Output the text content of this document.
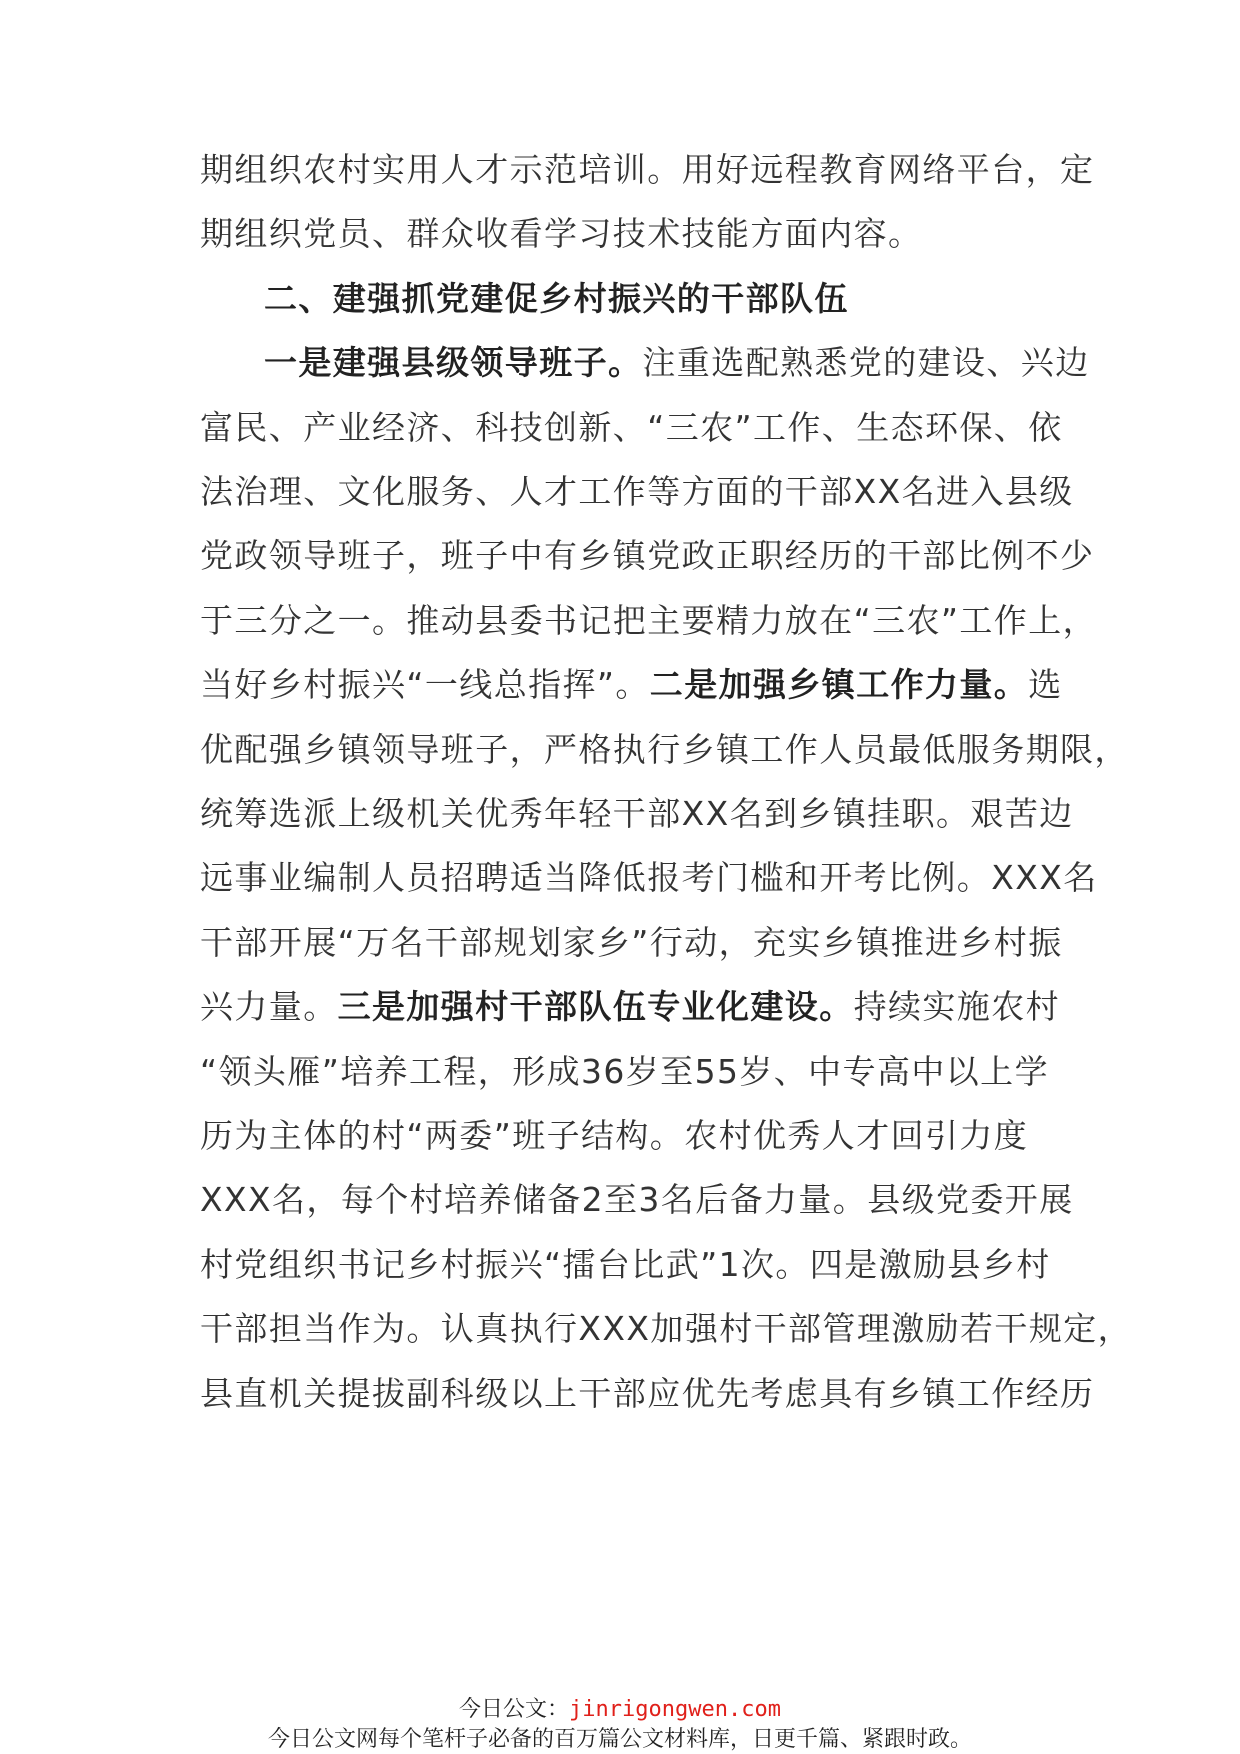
期组织农村实用人才示范培训。用好远程教育网络平台，定
期组织党员、群众收看学习技术技能方面内容。
二、建强抓党建促乡村振兴的干部队伍
一是建强县级领导班子。注重选配熟悉党的建设、兴边
富民、产业经济、科技创新、“三农”工作、生态环保、依
法治理、文化服务、人才工作等方面的干部XX名进入县级
党政领导班子，班子中有乡镇党政正职经历的干部比例不少
于三分之一。推动县委书记把主要精力放在“三农”工作上，
当好乡村振兴“一线总指挥”。二是加强乡镇工作力量。选
优配强乡镇领导班子，严格执行乡镇工作人员最低服务期限，
统筹选派上级机关优秀年轻干部XX名到乡镇挂职。艰苦边
远事业编制人员招聘适当降低报考门槛和开考比例。XXX名
干部开展“万名干部规划家乡”行动，充实乡镇推进乡村振
兴力量。三是加强村干部队伍专业化建设。持续实施农村
“领头雁”培养工程，形成36岁至55岁、中专高中以上学
历为主体的村“两委”班子结构。农村优秀人才回引力度
XXX名，每个村培养储备2至3名后备力量。县级党委开展
村党组织书记乡村振兴“擂台比武”1次。四是激励县乡村
干部担当作为。认真执行XXX加强村干部管理激励若干规定，
县直机关提拔副科级以上干部应优先考虑具有乡镇工作经历
今日公文：jinrigongwen.com
今日公文网每个笔杆子必备的百万篇公文材料库，日更千篇、紧跟时政。
